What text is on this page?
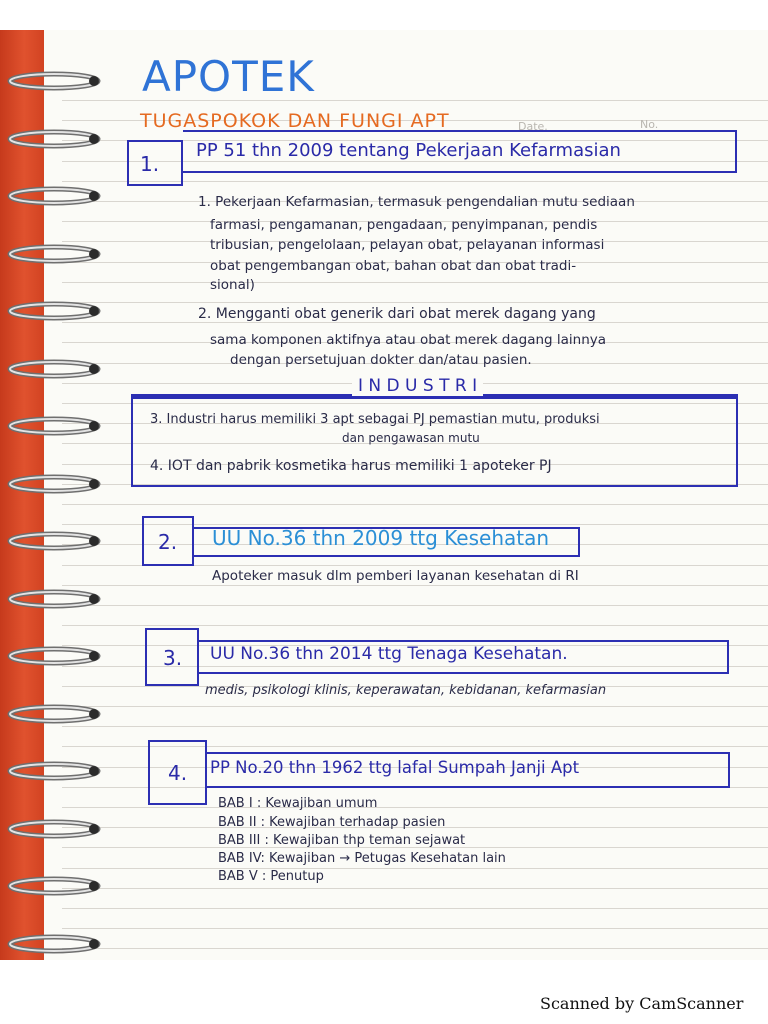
APOTEK
TUGASPOKOK DAN FUNGI APT	Date.	No.
1.
PP 51 thn 2009 tentang Pekerjaan Kefarmasian
1. Pekerjaan Kefarmasian, termasuk pengendalian mutu sediaan
farmasi, pengamanan, pengadaan, penyimpanan, pendis
tribusian, pengelolaan, pelayan obat, pelayanan informasi
obat pengembangan obat, bahan obat dan obat tradi-
sional)
2. Mengganti obat generik dari obat merek dagang yang
sama komponen aktifnya atau obat merek dagang lainnya
dengan persetujuan dokter dan/atau pasien.
I N D U S T R I
3. Industri harus memiliki 3 apt sebagai PJ pemastian mutu, produksi
dan pengawasan mutu
4. IOT dan pabrik kosmetika harus memiliki 1 apoteker PJ
2. UU No.36 thn 2009 ttg Kesehatan
Apoteker masuk dlm pemberi layanan kesehatan di RI
3. UU No.36 thn 2014 ttg Tenaga Kesehatan.
medis, psikologi klinis, keperawatan, kebidanan, kefarmasian
4. PP No.20 thn 1962 ttg lafal Sumpah Janji Apt
BAB I : Kewajiban umum
BAB II : Kewajiban terhadap pasien
BAB III : Kewajiban thp teman sejawat
BAB IV: Kewajiban → Petugas Kesehatan lain
BAB V : Penutup
Scanned by CamScanner
